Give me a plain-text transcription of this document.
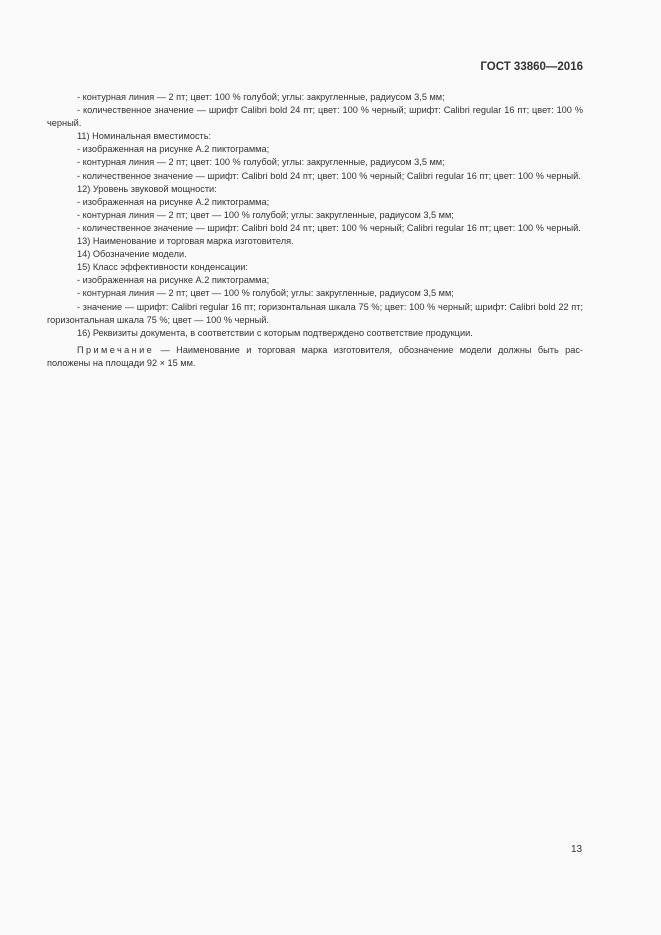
ГОСТ 33860—2016
- контурная линия — 2 пт; цвет: 100 % голубой; углы: закругленные, радиусом 3,5 мм;
- количественное значение — шрифт Calibri bold 24 пт; цвет: 100 % черный; шрифт: Calibri regular 16 пт; цвет: 100 % черный.
11) Номинальная вместимость:
- изображенная на рисунке А.2 пиктограмма;
- контурная линия — 2 пт; цвет: 100 % голубой; углы: закругленные, радиусом 3,5 мм;
- количественное значение — шрифт: Calibri bold 24 пт; цвет: 100 % черный; Calibri regular 16 пт; цвет: 100 % черный.
12) Уровень звуковой мощности:
- изображенная на рисунке А.2 пиктограмма;
- контурная линия — 2 пт; цвет — 100 % голубой; углы: закругленные, радиусом 3,5 мм;
- количественное значение — шрифт: Calibri bold 24 пт; цвет: 100 % черный; Calibri regular 16 пт; цвет: 100 % черный.
13) Наименование и торговая марка изготовителя.
14) Обозначение модели.
15) Класс эффективности конденсации:
- изображенная на рисунке А.2 пиктограмма;
- контурная линия — 2 пт; цвет — 100 % голубой; углы: закругленные, радиусом 3,5 мм;
- значение — шрифт: Calibri regular 16 пт; горизонтальная шкала 75 %; цвет: 100 % черный; шрифт: Calibri bold 22 пт; горизонтальная шкала 75 %; цвет — 100 % черный.
16) Реквизиты документа, в соответствии с которым подтверждено соответствие продукции.
Примечание — Наименование и торговая марка изготовителя, обозначение модели должны быть рас-положены на площади 92 × 15 мм.
13
